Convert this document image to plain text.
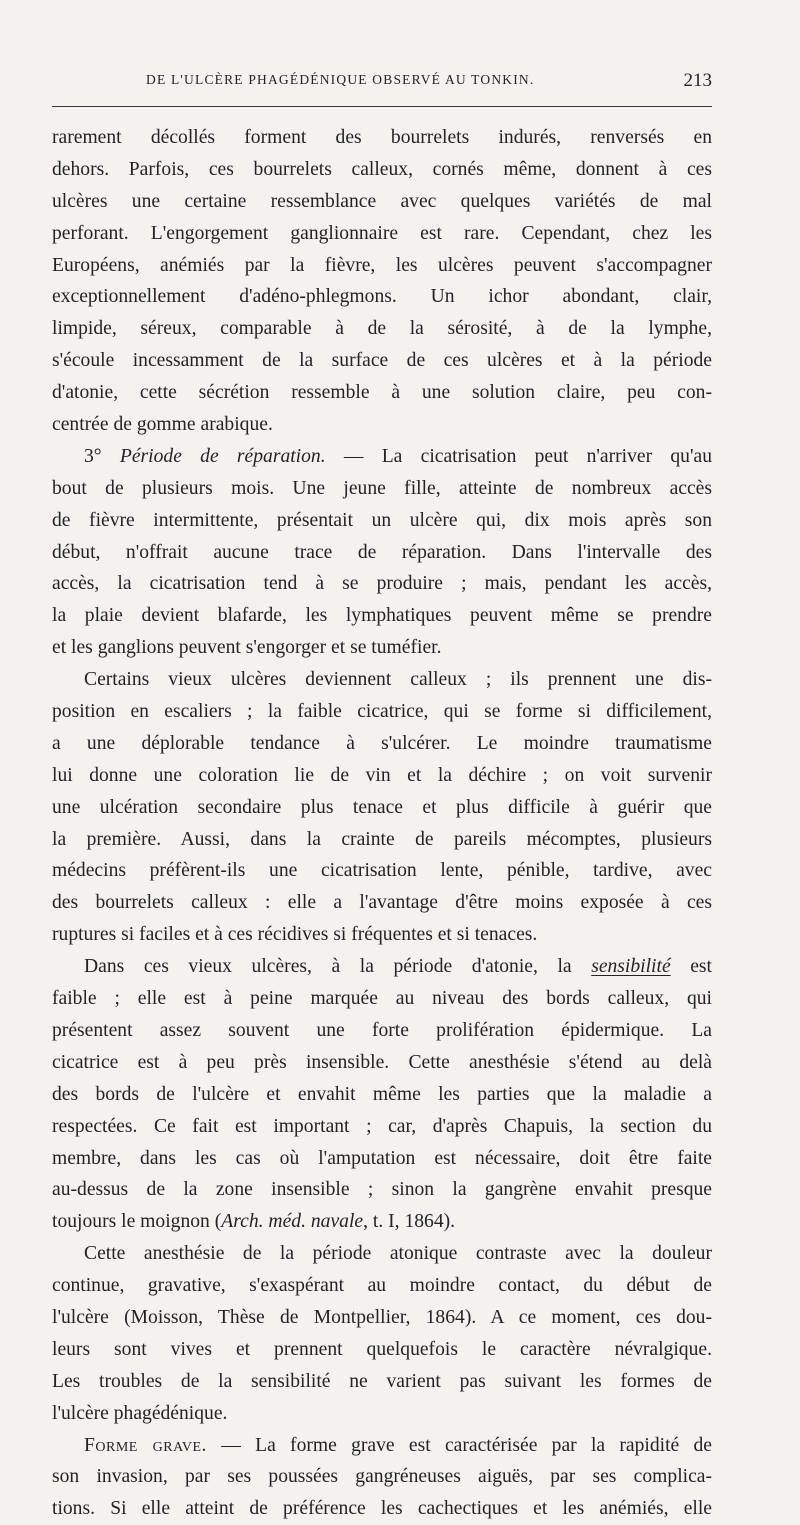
DE L'ULCÈRE PHAGÉDÉNIQUE OBSERVÉ AU TONKIN.	213
rarement décollés forment des bourrelets indurés, renversés en
dehors. Parfois, ces bourrelets calleux, cornés même, donnent à ces
ulcères une certaine ressemblance avec quelques variétés de mal
perforant. L'engorgement ganglionnaire est rare. Cependant, chez les
Européens, anémiés par la fièvre, les ulcères peuvent s'accompagner
exceptionnellement d'adéno-phlegmons. Un ichor abondant, clair,
limpide, séreux, comparable à de la sérosité, à de la lymphe,
s'écoule incessamment de la surface de ces ulcères et à la période
d'atonie, cette sécrétion ressemble à une solution claire, peu con-
centrée de gomme arabique.
3° Période de réparation. — La cicatrisation peut n'arriver qu'au
bout de plusieurs mois. Une jeune fille, atteinte de nombreux accès
de fièvre intermittente, présentait un ulcère qui, dix mois après son
début, n'offrait aucune trace de réparation. Dans l'intervalle des
accès, la cicatrisation tend à se produire ; mais, pendant les accès,
la plaie devient blafarde, les lymphatiques peuvent même se prendre
et les ganglions peuvent s'engorger et se tuméfier.
Certains vieux ulcères deviennent calleux ; ils prennent une dis-
position en escaliers ; la faible cicatrice, qui se forme si difficilement,
a une déplorable tendance à s'ulcérer. Le moindre traumatisme
lui donne une coloration lie de vin et la déchire ; on voit survenir
une ulcération secondaire plus tenace et plus difficile à guérir que
la première. Aussi, dans la crainte de pareils mécomptes, plusieurs
médecins préfèrent-ils une cicatrisation lente, pénible, tardive, avec
des bourrelets calleux : elle a l'avantage d'être moins exposée à ces
ruptures si faciles et à ces récidives si fréquentes et si tenaces.
Dans ces vieux ulcères, à la période d'atonie, la sensibilité est
faible ; elle est à peine marquée au niveau des bords calleux, qui
présentent assez souvent une forte prolifération épidermique. La
cicatrice est à peu près insensible. Cette anesthésie s'étend au delà
des bords de l'ulcère et envahit même les parties que la maladie a
respectées. Ce fait est important ; car, d'après Chapuis, la section du
membre, dans les cas où l'amputation est nécessaire, doit être faite
au-dessus de la zone insensible ; sinon la gangrène envahit presque
toujours le moignon (Arch. méd. navale, t. I, 1864).
Cette anesthésie de la période atonique contraste avec la douleur
continue, gravative, s'exaspérant au moindre contact, du début de
l'ulcère (Moisson, Thèse de Montpellier, 1864). A ce moment, ces dou-
leurs sont vives et prennent quelquefois le caractère névralgique.
Les troubles de la sensibilité ne varient pas suivant les formes de
l'ulcère phagédénique.
Forme grave. — La forme grave est caractérisée par la rapidité de
son invasion, par ses poussées gangréneuses aiguës, par ses complica-
tions. Si elle atteint de préférence les cachectiques et les anémiés, elle
